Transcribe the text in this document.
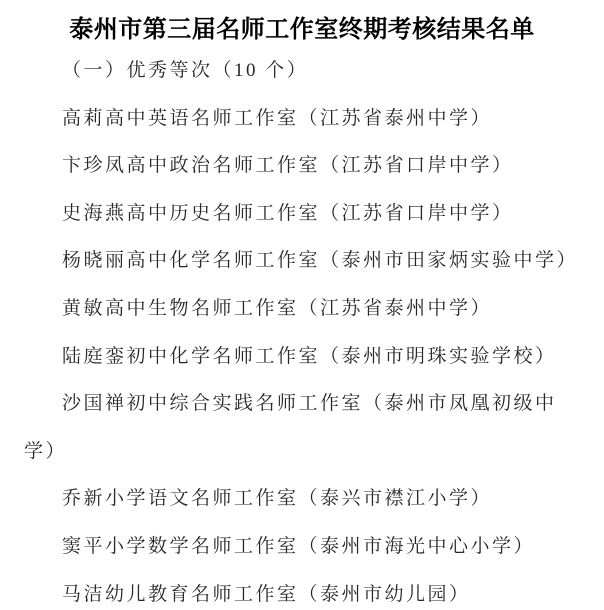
泰州市第三届名师工作室终期考核结果名单

（一）优秀等次（10 个）

高莉高中英语名师工作室（江苏省泰州中学）

卞珍凤高中政治名师工作室（江苏省口岸中学）

史海燕高中历史名师工作室（江苏省口岸中学）

杨晓丽高中化学名师工作室（泰州市田家炳实验中学）

黄敏高中生物名师工作室（江苏省泰州中学）

陆庭銮初中化学名师工作室（泰州市明珠实验学校）

沙国禅初中综合实践名师工作室（泰州市凤凰初级中学）

乔新小学语文名师工作室（泰兴市襟江小学）

窦平小学数学名师工作室（泰州市海光中心小学）

马洁幼儿教育名师工作室（泰州市幼儿园）
